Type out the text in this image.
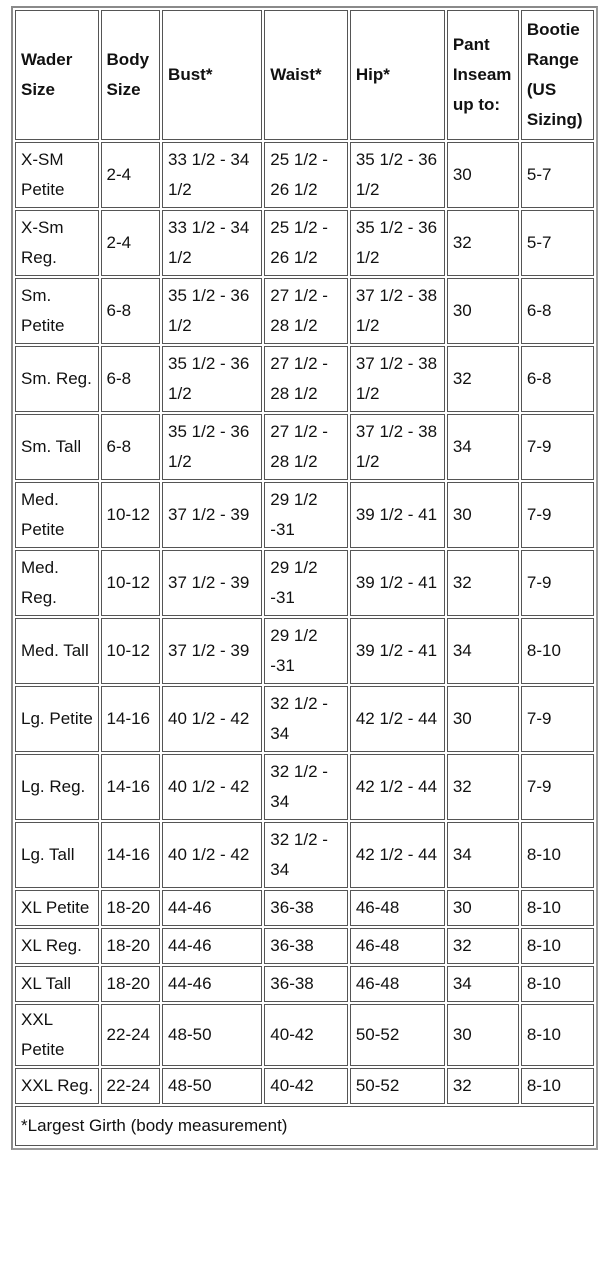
Wader Size	Body Size	Bust*	Waist*	Hip*	Pant Inseam up to:	Bootie Range (US Sizing)
X-SM Petite	2-4	33 1/2 - 34 1/2	25 1/2 - 26 1/2	35 1/2 - 36 1/2	30	5-7
X-Sm Reg.	2-4	33 1/2 - 34 1/2	25 1/2 - 26 1/2	35 1/2 - 36 1/2	32	5-7
Sm. Petite	6-8	35 1/2 - 36 1/2	27 1/2 - 28 1/2	37 1/2 - 38 1/2	30	6-8
Sm. Reg.	6-8	35 1/2 - 36 1/2	27 1/2 - 28 1/2	37 1/2 - 38 1/2	32	6-8
Sm. Tall	6-8	35 1/2 - 36 1/2	27 1/2 - 28 1/2	37 1/2 - 38 1/2	34	7-9
Med. Petite	10-12	37 1/2 - 39	29 1/2 -31	39 1/2 - 41	30	7-9
Med. Reg.	10-12	37 1/2 - 39	29 1/2 -31	39 1/2 - 41	32	7-9
Med. Tall	10-12	37 1/2 - 39	29 1/2 -31	39 1/2 - 41	34	8-10
Lg. Petite	14-16	40 1/2 - 42	32 1/2 - 34	42 1/2 - 44	30	7-9
Lg. Reg.	14-16	40 1/2 - 42	32 1/2 - 34	42 1/2 - 44	32	7-9
Lg. Tall	14-16	40 1/2 - 42	32 1/2 - 34	42 1/2 - 44	34	8-10
XL Petite	18-20	44-46	36-38	46-48	30	8-10
XL Reg.	18-20	44-46	36-38	46-48	32	8-10
XL Tall	18-20	44-46	36-38	46-48	34	8-10
XXL Petite	22-24	48-50	40-42	50-52	30	8-10
XXL Reg.	22-24	48-50	40-42	50-52	32	8-10
*Largest Girth (body measurement)						
